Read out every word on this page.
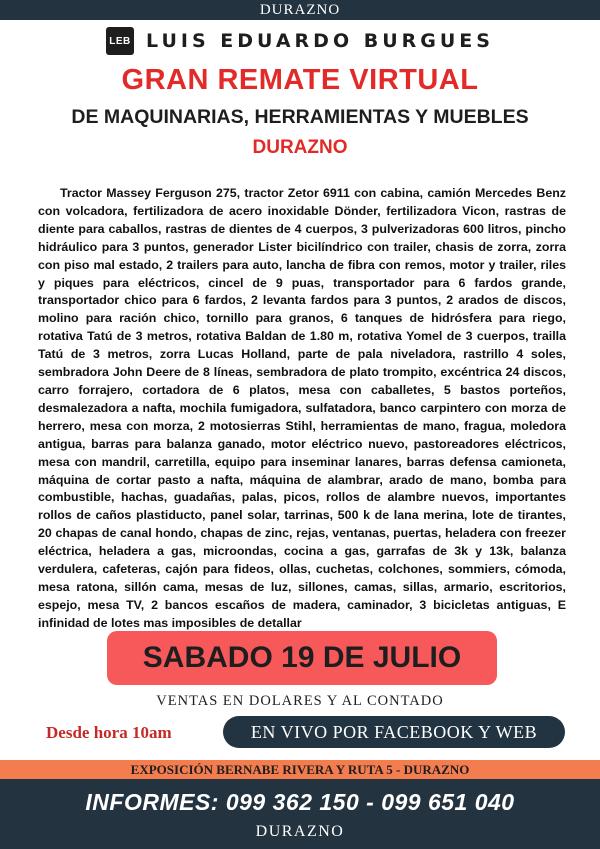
DURAZNO
LEB LUIS EDUARDO BURGUES
GRAN REMATE VIRTUAL
DE MAQUINARIAS, HERRAMIENTAS Y MUEBLES
DURAZNO

Tractor Massey Ferguson 275, tractor Zetor 6911 con cabina, camión Mercedes Benz con volcadora, fertilizadora de acero inoxidable Dönder, fertilizadora Vicon, rastras de diente para caballos, rastras de dientes de 4 cuerpos, 3 pulverizadoras 600 litros, pincho hidráulico para 3 puntos, generador Lister bicilíndrico con trailer, chasis de zorra, zorra con piso mal estado, 2 trailers para auto, lancha de fibra con remos, motor y trailer, riles y piques para eléctricos, cincel de 9 puas, transportador para 6 fardos grande, transportador chico para 6 fardos, 2 levanta fardos para 3 puntos, 2 arados de discos, molino para ración chico, tornillo para granos, 6 tanques de hidrósfera para riego, rotativa Tatú de 3 metros, rotativa Baldan de 1.80 m, rotativa Yomel de 3 cuerpos, trailla Tatú de 3 metros, zorra Lucas Holland, parte de pala niveladora, rastrillo 4 soles, sembradora John Deere de 8 líneas, sembradora de plato trompito, excéntrica 24 discos, carro forrajero, cortadora de 6 platos, mesa con caballetes, 5 bastos porteños, desmalezadora a nafta, mochila fumigadora, sulfatadora, banco carpintero con morza de herrero, mesa con morza, 2 motosierras Stihl, herramientas de mano, fragua, moledora antigua, barras para balanza ganado, motor eléctrico nuevo, pastoreadores eléctricos, mesa con mandril, carretilla, equipo para inseminar lanares, barras defensa camioneta, máquina de cortar pasto a nafta, máquina de alambrar, arado de mano, bomba para combustible, hachas, guadañas, palas, picos, rollos de alambre nuevos, importantes rollos de caños plastiducto, panel solar, tarrinas, 500 k de lana merina, lote de tirantes, 20 chapas de canal hondo, chapas de zinc, rejas, ventanas, puertas, heladera con freezer eléctrica, heladera a gas, microondas, cocina a gas, garrafas de 3k y 13k, balanza verdulera, cafeteras, cajón para fideos, ollas, cuchetas, colchones, sommiers, cómoda, mesa ratona, sillón cama, mesas de luz, sillones, camas, sillas, armario, escritorios, espejo, mesa TV, 2 bancos escaños de madera, caminador, 3 bicicletas antiguas, E infinidad de lotes mas imposibles de detallar

SABADO 19 DE JULIO
VENTAS EN DOLARES Y AL CONTADO
Desde hora 10am	EN VIVO POR FACEBOOK Y WEB
EXPOSICIÓN BERNABE RIVERA Y RUTA 5 - DURAZNO
INFORMES: 099 362 150 - 099 651 040
DURAZNO
